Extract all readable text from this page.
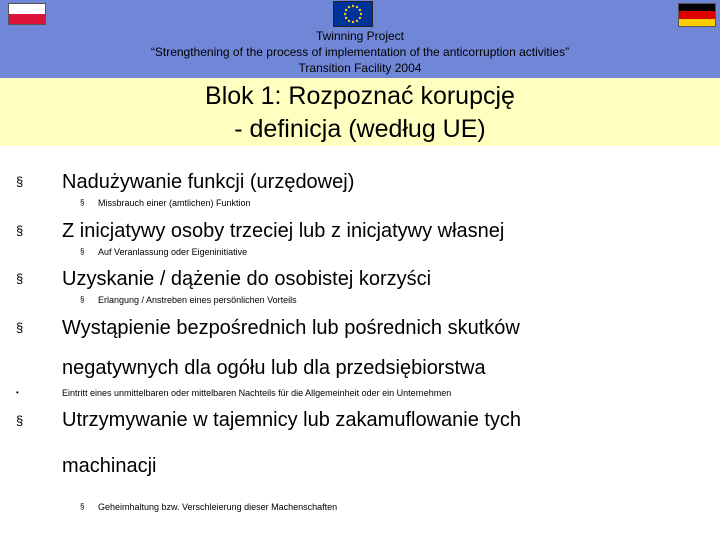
Twinning Project
“Strengthening of the process of implementation of the anticorruption activities”
Transition Facility 2004
Blok 1: Rozpoznać korupcję
- definicja (według UE)
§ Nadużywanie funkcji (urzędowej)
§ Missbrauch einer (amtlichen) Funktion
§ Z inicjatywy osoby trzeciej lub z inicjatywy własnej
§ Auf Veranlassung oder Eigeninitiative
§ Uzyskanie / dążenie do osobistej korzyści
§ Erlangung / Anstreben eines persönlichen Vorteils
§ Wystąpienie bezpośrednich lub pośrednich skutków
negatywnych dla ogółu lub dla przedsiębiorstwa
•	Eintritt eines unmittelbaren oder mittelbaren Nachteils für die Allgemeinheit oder ein Unternehmen
§ Utrzymywanie w tajemnicy lub zakamuflowanie tych
machinacji
§ Geheimhaltung bzw. Verschleierung dieser Machenschaften
